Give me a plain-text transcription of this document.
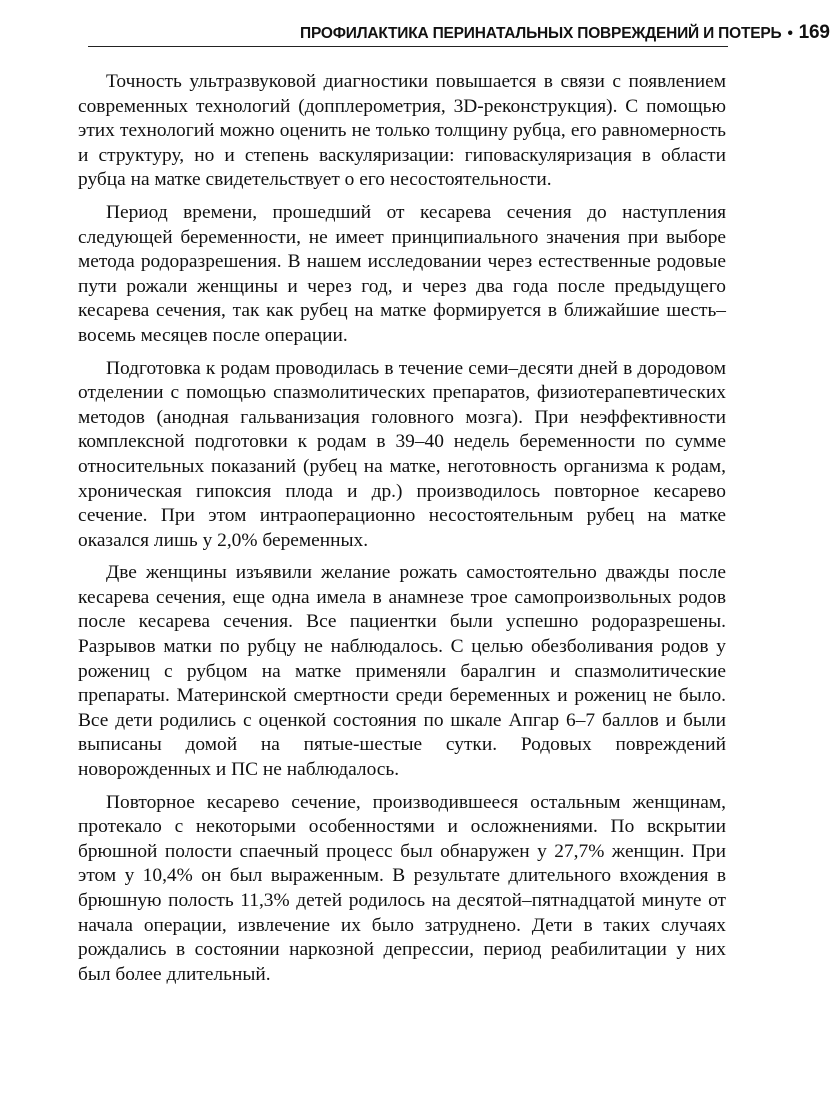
ПРОФИЛАКТИКА ПЕРИНАТАЛЬНЫХ ПОВРЕЖДЕНИЙ И ПОТЕРЬ • 169

Точность ультразвуковой диагностики повышается в связи с появлением современных технологий (допплерометрия, 3D-реконструкция). С помощью этих технологий можно оценить не только толщину рубца, его равномерность и структуру, но и степень васкуляризации: гиповаскуляризация в области рубца на матке свидетельствует о его несостоятельности.

Период времени, прошедший от кесарева сечения до наступления следующей беременности, не имеет принципиального значения при выборе метода родоразрешения. В нашем исследовании через естественные родовые пути рожали женщины и через год, и через два года после предыдущего кесарева сечения, так как рубец на матке формируется в ближайшие шесть–восемь месяцев после операции.

Подготовка к родам проводилась в течение семи–десяти дней в дородовом отделении с помощью спазмолитических препаратов, физиотерапевтических методов (анодная гальванизация головного мозга). При неэффективности комплексной подготовки к родам в 39–40 недель беременности по сумме относительных показаний (рубец на матке, неготовность организма к родам, хроническая гипоксия плода и др.) производилось повторное кесарево сечение. При этом интраоперационно несостоятельным рубец на матке оказался лишь у 2,0% беременных.

Две женщины изъявили желание рожать самостоятельно дважды после кесарева сечения, еще одна имела в анамнезе трое самопроизвольных родов после кесарева сечения. Все пациентки были успешно родоразрешены. Разрывов матки по рубцу не наблюдалось. С целью обезболивания родов у рожениц с рубцом на матке применяли баралгин и спазмолитические препараты. Материнской смертности среди беременных и рожениц не было. Все дети родились с оценкой состояния по шкале Апгар 6–7 баллов и были выписаны домой на пятые-шестые сутки. Родовых повреждений новорожденных и ПС не наблюдалось.

Повторное кесарево сечение, производившееся остальным женщинам, протекало с некоторыми особенностями и осложнениями. По вскрытии брюшной полости спаечный процесс был обнаружен у 27,7% женщин. При этом у 10,4% он был выраженным. В результате длительного вхождения в брюшную полость 11,3% детей родилось на десятой–пятнадцатой минуте от начала операции, извлечение их было затруднено. Дети в таких случаях рождались в состоянии наркозной депрессии, период реабилитации у них был более длительный.
